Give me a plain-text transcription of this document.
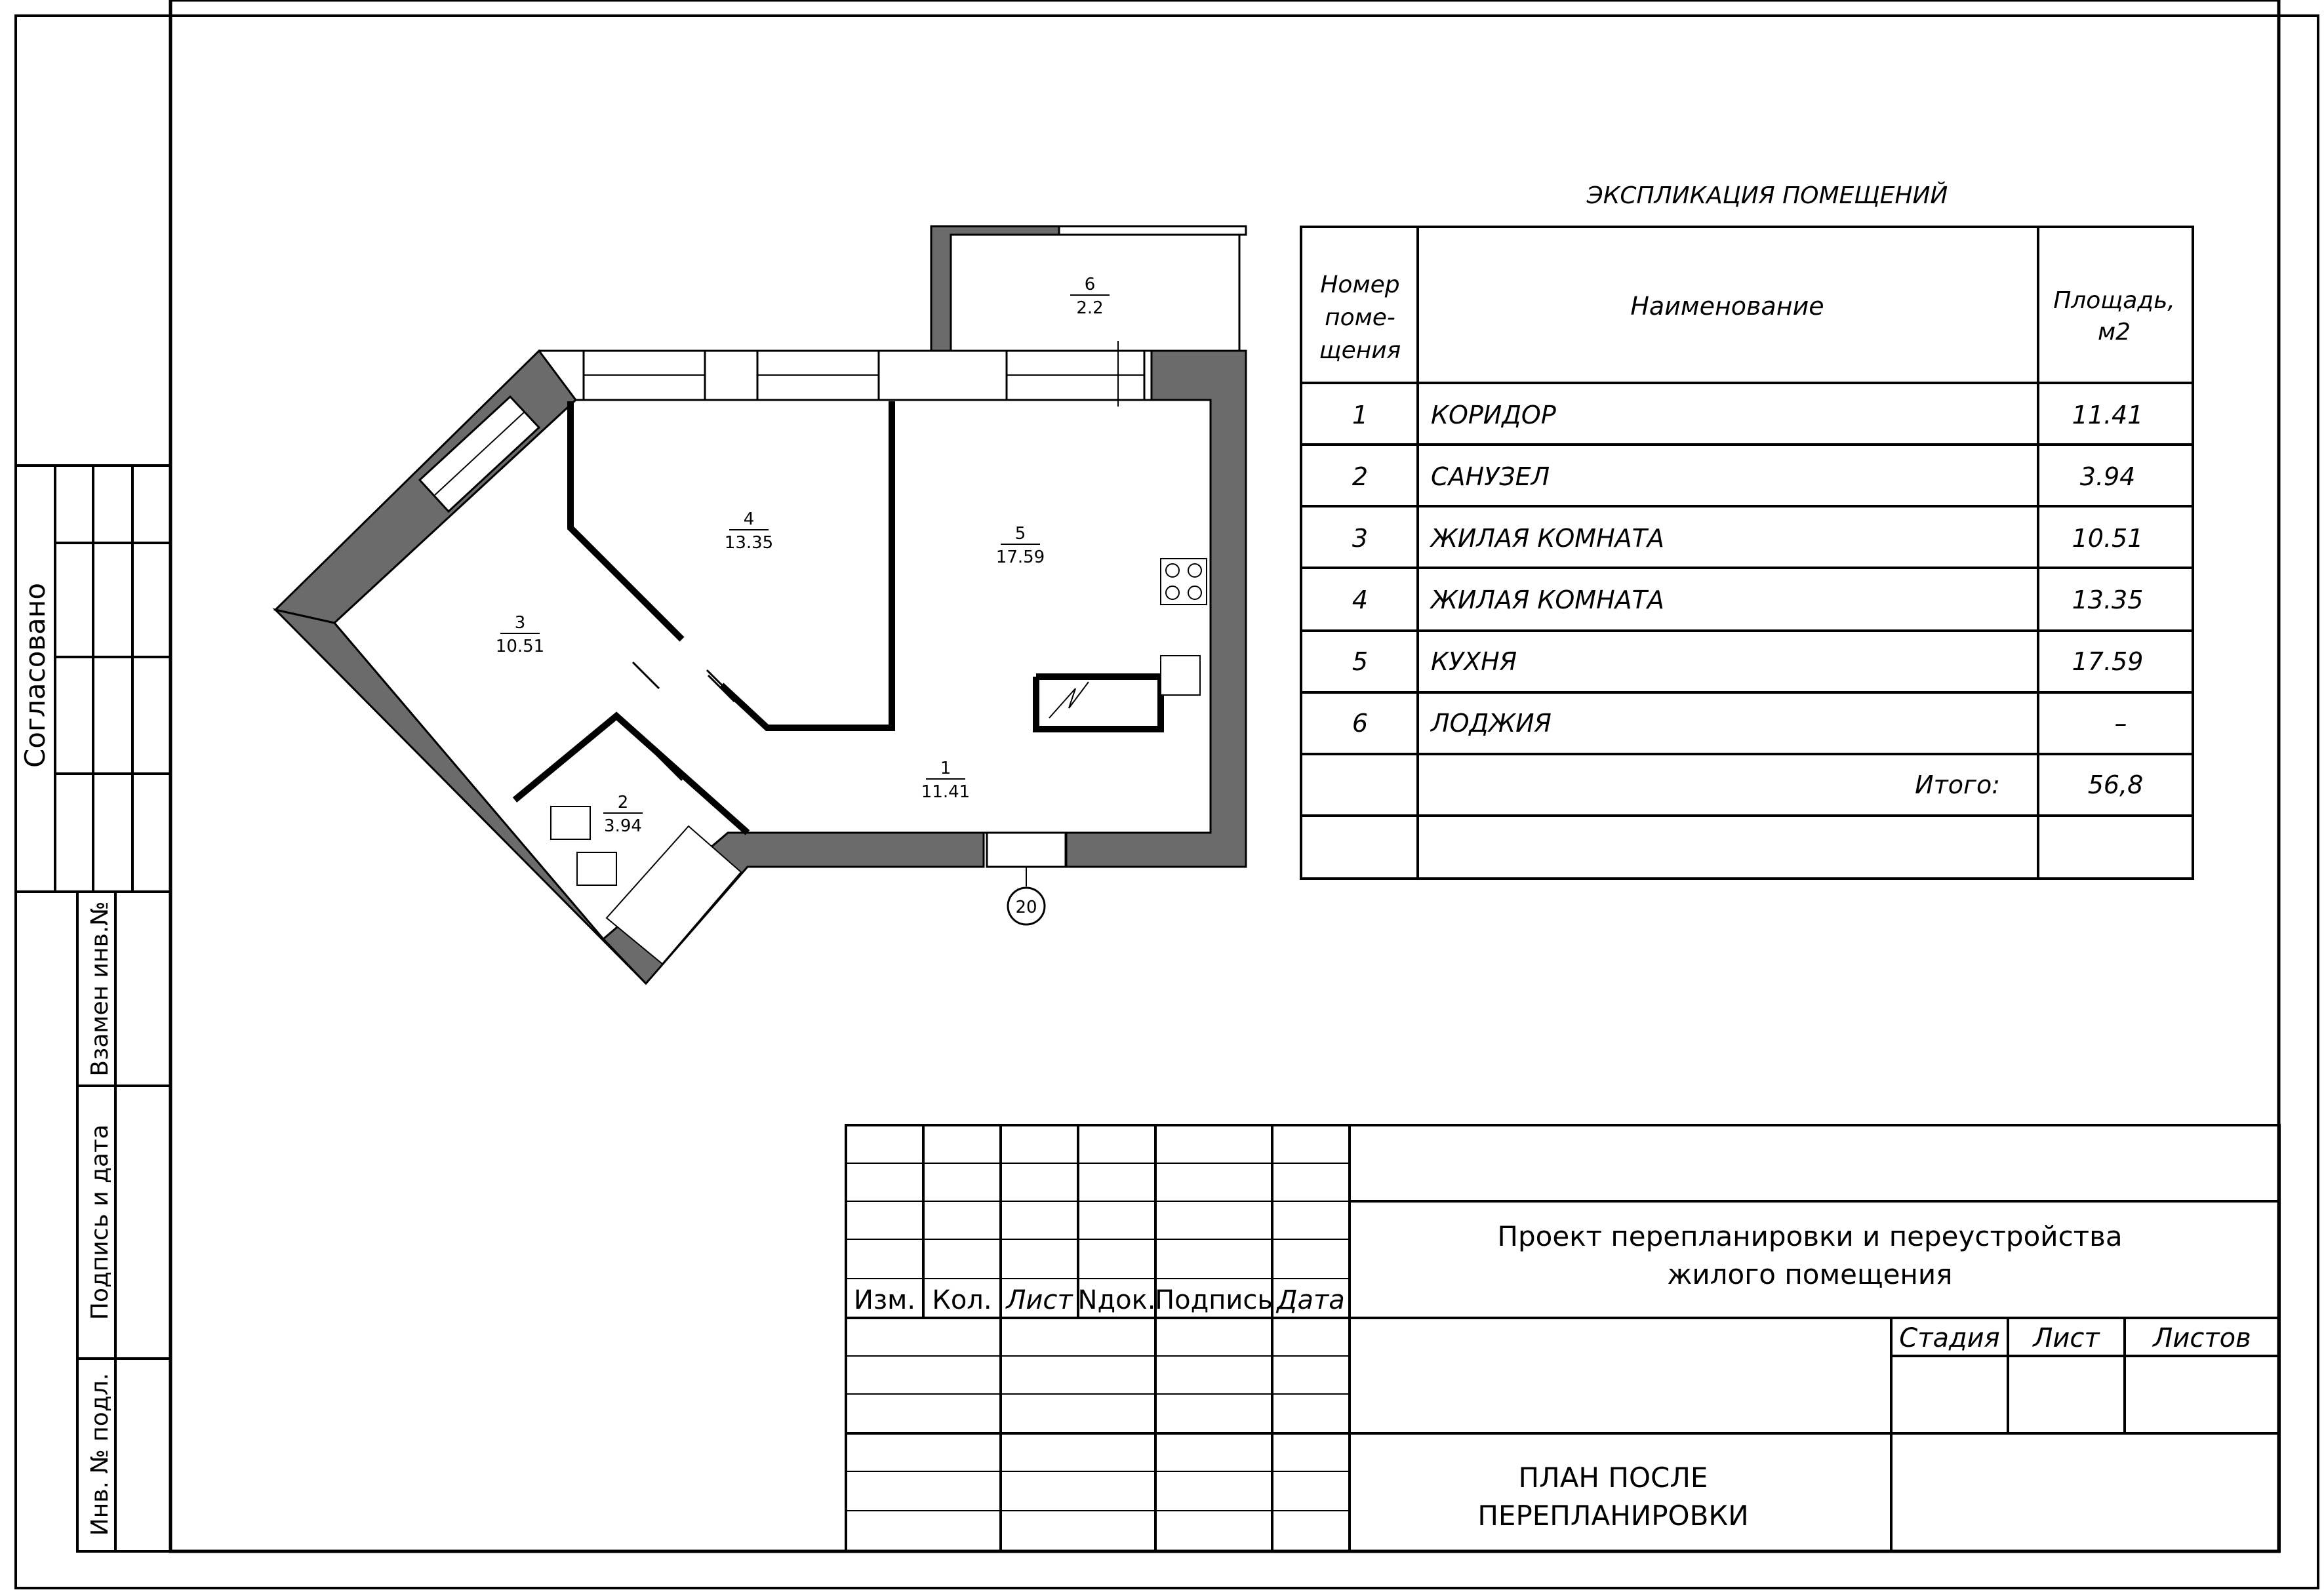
Согласовано
Взамен инв.№
Подпись и дата
Инв. № подл.
1
11.41
2
3.94
3
10.51
4
13.35	5
17.59
6
2.2
20
ЭКСПЛИКАЦИЯ ПОМЕЩЕНИЙ
Номер
поме-
щения
Наименование	Площадь,
м2
1	КОРИДОР	11.41
2	САНУЗЕЛ	3.94
3	ЖИЛАЯ КОМНАТА	10.51
4	ЖИЛАЯ КОМНАТА	13.35
5	КУХНЯ	17.59
6	ЛОДЖИЯ	–
Итого:	56,8
Изм. Кол. Лист Nдок.
Подпись Дата
Проект перепланировки и переустройства
жилого помещения
Стадия Лист Листов
ПЛАН ПОСЛЕ
ПЕРЕПЛАНИРОВКИ
